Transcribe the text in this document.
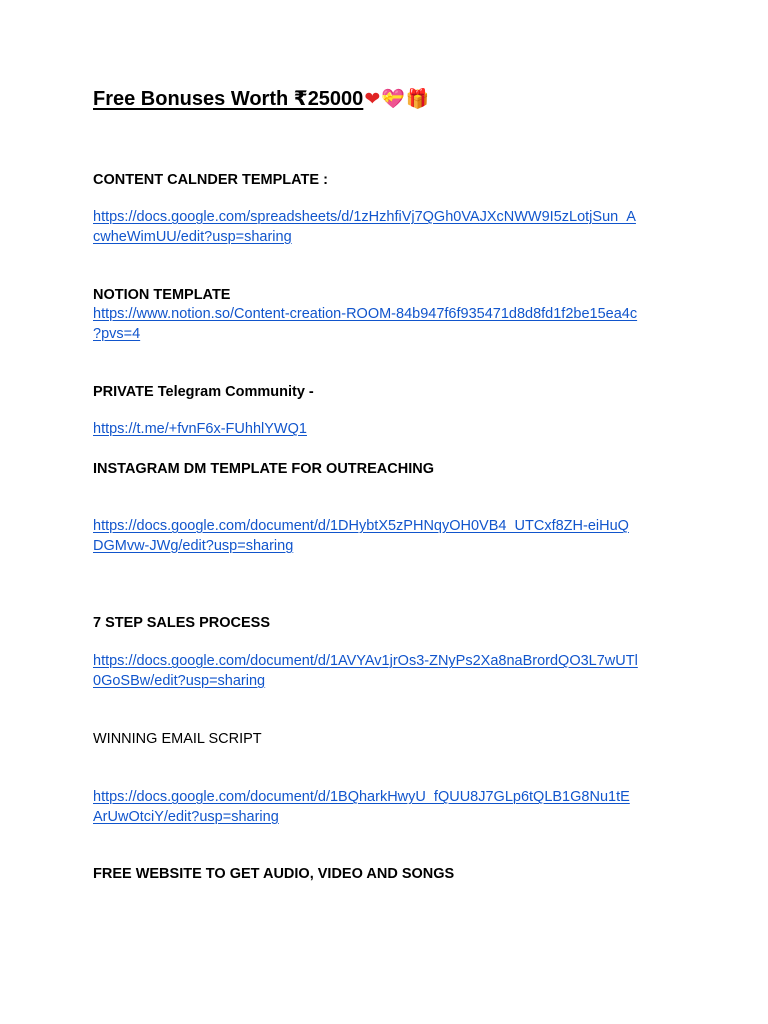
Free Bonuses Worth ₹25000❤💝🎁
CONTENT CALNDER TEMPLATE :
https://docs.google.com/spreadsheets/d/1zHzhfiVj7QGh0VAJXcNWW9I5zLotjSun_A
cwheWimUU/edit?usp=sharing
NOTION TEMPLATE
https://www.notion.so/Content-creation-ROOM-84b947f6f935471d8d8fd1f2be15ea4c
?pvs=4
PRIVATE Telegram Community -
https://t.me/+fvnF6x-FUhhlYWQ1
INSTAGRAM DM TEMPLATE FOR OUTREACHING
https://docs.google.com/document/d/1DHybtX5zPHNqyOH0VB4_UTCxf8ZH-eiHuQ
DGMvw-JWg/edit?usp=sharing
7 STEP SALES PROCESS
https://docs.google.com/document/d/1AVYAv1jrOs3-ZNyPs2Xa8naBrordQO3L7wUTl
0GoSBw/edit?usp=sharing
WINNING EMAIL SCRIPT
https://docs.google.com/document/d/1BQharkHwyU_fQUU8J7GLp6tQLB1G8Nu1tE
ArUwOtciY/edit?usp=sharing
FREE WEBSITE TO GET AUDIO, VIDEO AND SONGS
